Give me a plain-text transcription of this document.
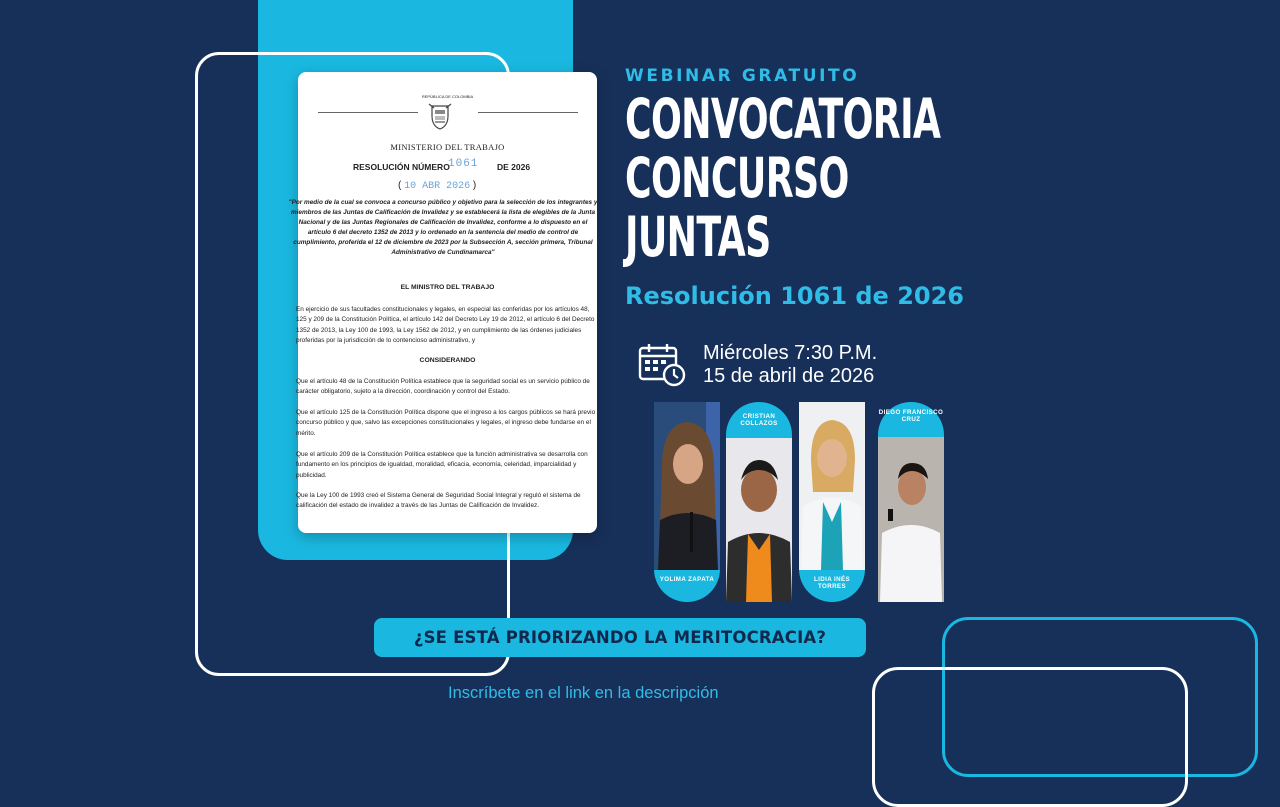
REPÚBLICA DE COLOMBIA
MINISTERIO DEL TRABAJO
RESOLUCIÓN NÚMERO
1061 DE 2026
( 10 ABR 2026 )
"Por medio de la cual se convoca a concurso público y objetivo para la selección de los integrantes y miembros de las Juntas de Calificación de Invalidez y se establecerá la lista de elegibles de la Junta Nacional y de las Juntas Regionales de Calificación de Invalidez, conforme a lo dispuesto en el artículo 6 del decreto 1352 de 2013 y lo ordenado en la sentencia del medio de control de cumplimiento, proferida el 12 de diciembre de 2023 por la Subsección A, sección primera, Tribunal Administrativo de Cundinamarca"
EL MINISTRO DEL TRABAJO
En ejercicio de sus facultades constitucionales y legales, en especial las conferidas por los artículos 48, 125 y 209 de la Constitución Política, el artículo 142 del Decreto Ley 19 de 2012, el artículo 6 del Decreto 1352 de 2013, la Ley 100 de 1993, la Ley 1562 de 2012, y en cumplimiento de las órdenes judiciales proferidas por la jurisdicción de lo contencioso administrativo, y
CONSIDERANDO
Que el artículo 48 de la Constitución Política establece que la seguridad social es un servicio público de carácter obligatorio, sujeto a la dirección, coordinación y control del Estado.
Que el artículo 125 de la Constitución Política dispone que el ingreso a los cargos públicos se hará previo concurso público y que, salvo las excepciones constitucionales y legales, el ingreso debe fundarse en el mérito.
Que el artículo 209 de la Constitución Política establece que la función administrativa se desarrolla con fundamento en los principios de igualdad, moralidad, eficacia, economía, celeridad, imparcialidad y publicidad.
Que la Ley 100 de 1993 creó el Sistema General de Seguridad Social Integral y reguló el sistema de calificación del estado de invalidez a través de las Juntas de Calificación de Invalidez.
WEBINAR GRATUITO
CONVOCATORIA
CONCURSO
JUNTAS
Resolución 1061 de 2026
Miércoles 7:30 P.M.
15 de abril de 2026
YOLIMA ZAPATA
CRISTIAN COLLAZOS
LIDIA INÉS TORRES
DIEGO FRANCISCO CRUZ
¿SE ESTÁ PRIORIZANDO LA MERITOCRACIA?
Inscríbete en el link en la descripción
